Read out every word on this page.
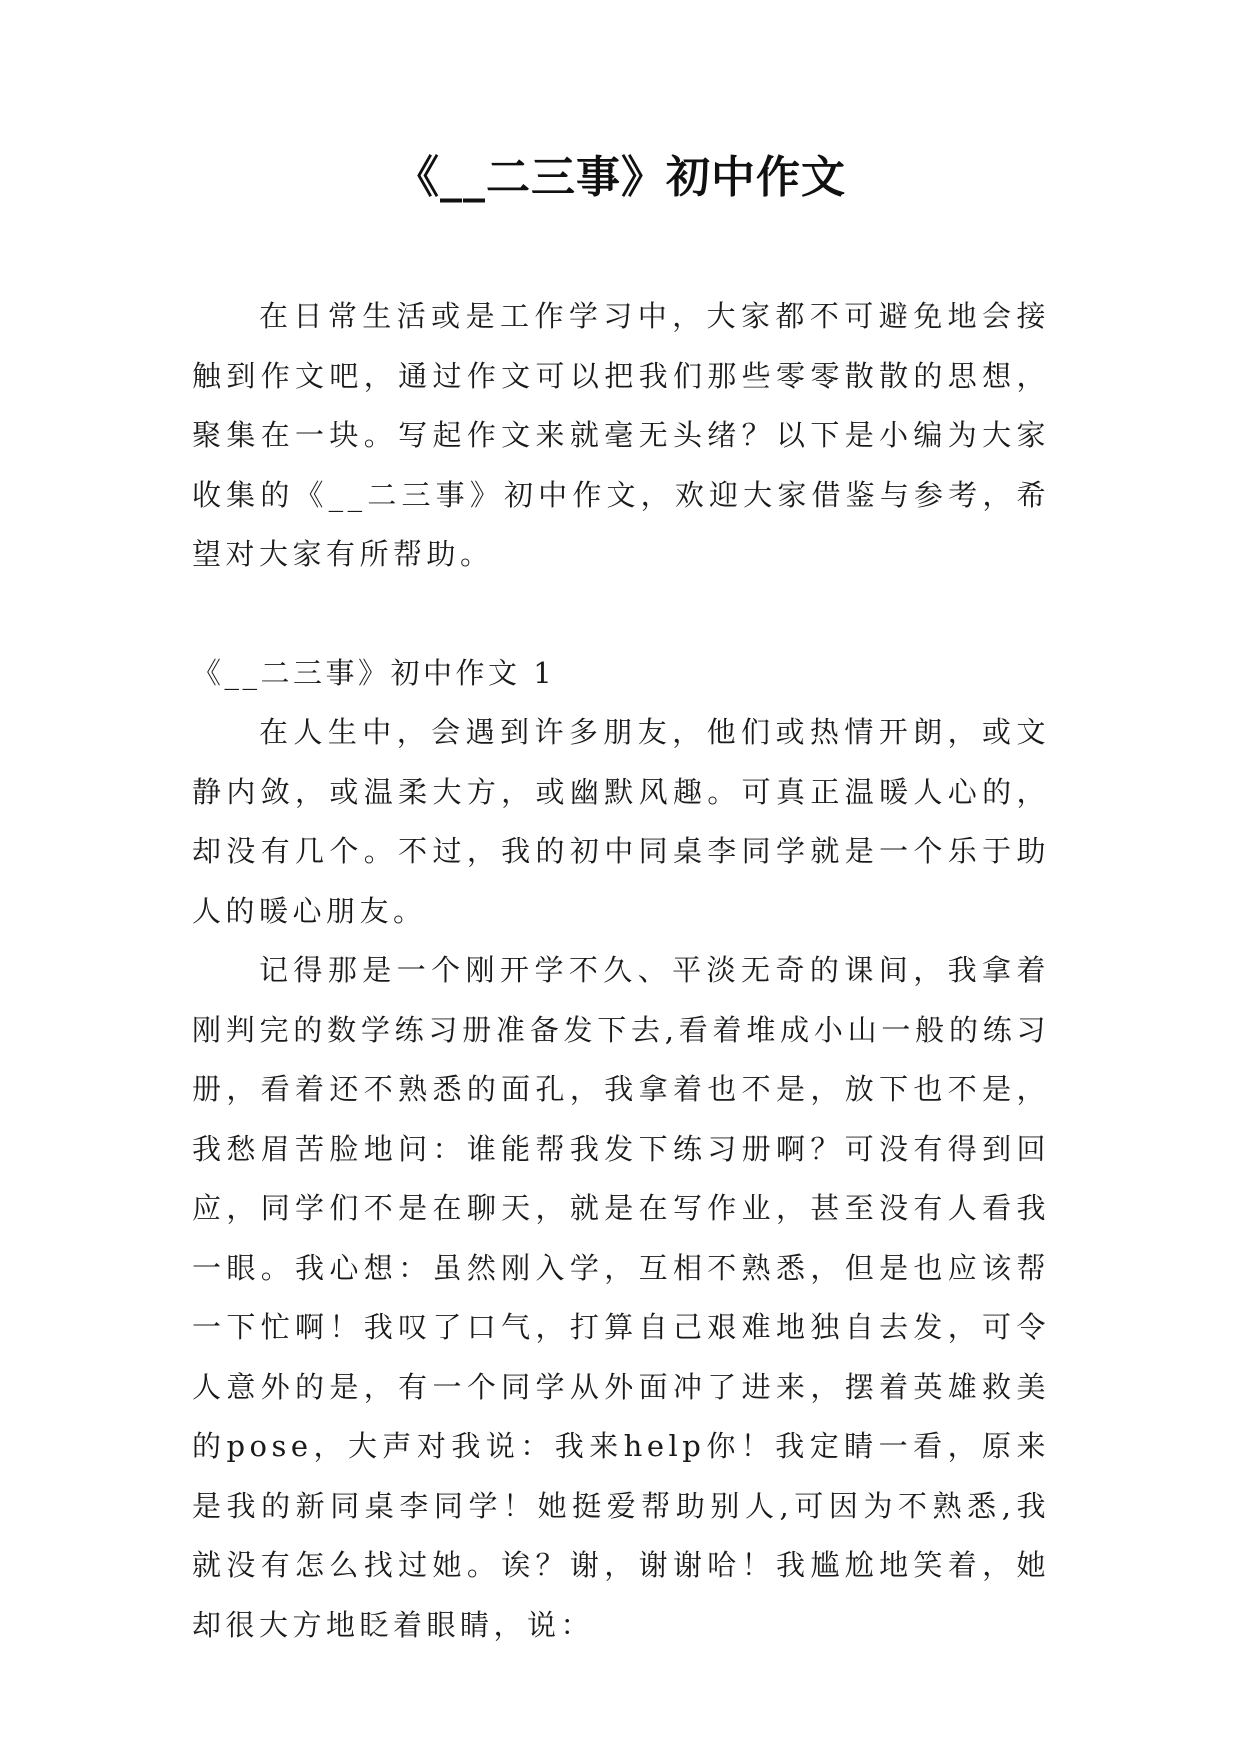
《__二三事》初中作文

在日常生活或是工作学习中，大家都不可避免地会接触到作文吧，通过作文可以把我们那些零零散散的思想，聚集在一块。写起作文来就毫无头绪？以下是小编为大家收集的《__二三事》初中作文，欢迎大家借鉴与参考，希望对大家有所帮助。

《__二三事》初中作文 1

在人生中，会遇到许多朋友，他们或热情开朗，或文静内敛，或温柔大方，或幽默风趣。可真正温暖人心的，却没有几个。不过，我的初中同桌李同学就是一个乐于助人的暖心朋友。

记得那是一个刚开学不久、平淡无奇的课间，我拿着刚判完的数学练习册准备发下去,看着堆成小山一般的练习册，看着还不熟悉的面孔，我拿着也不是，放下也不是，我愁眉苦脸地问：谁能帮我发下练习册啊？可没有得到回应，同学们不是在聊天，就是在写作业，甚至没有人看我一眼。我心想：虽然刚入学，互相不熟悉，但是也应该帮一下忙啊！我叹了口气，打算自己艰难地独自去发，可令人意外的是，有一个同学从外面冲了进来，摆着英雄救美的pose，大声对我说：我来help你！我定睛一看，原来是我的新同桌李同学！她挺爱帮助别人,可因为不熟悉,我就没有怎么找过她。诶？谢，谢谢哈！我尴尬地笑着，她却很大方地眨着眼睛，说：
